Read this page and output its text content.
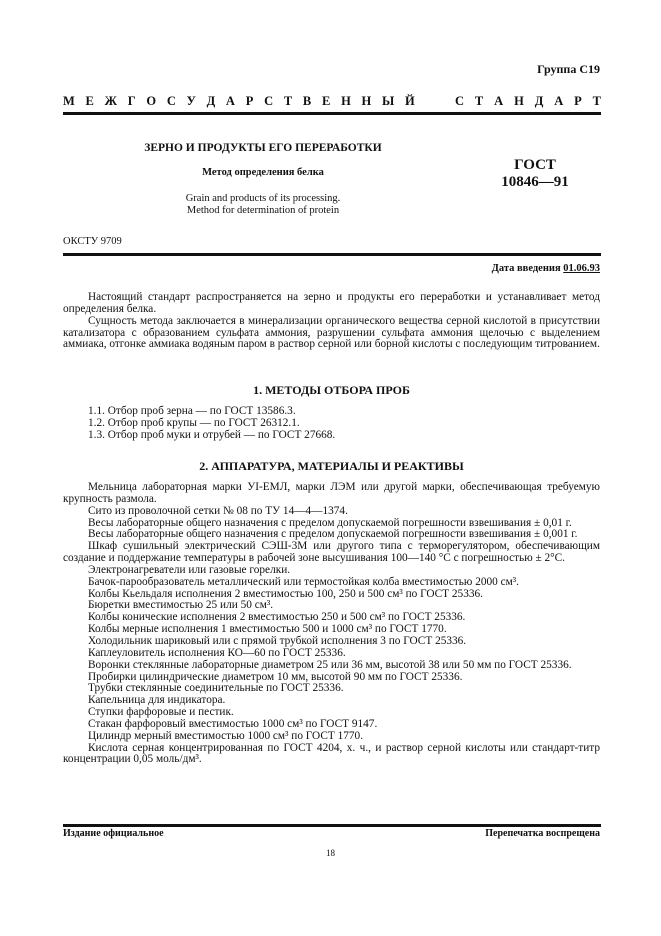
Группа С19
М Е Ж Г О С У Д А Р С Т В Е Н Н Ы Й	С Т А Н Д А Р Т
ЗЕРНО И ПРОДУКТЫ ЕГО ПЕРЕРАБОТКИ
Метод определения белка
Grain and products of its processing.
Method for determination of protein
ГОСТ
10846—91
ОКСТУ 9709
Дата введения 01.06.93

Настоящий стандарт распространяется на зерно и продукты его переработки и устанавливает метод определения белка.

Сущность метода заключается в минерализации органического вещества серной кислотой в присутствии катализатора с образованием сульфата аммония, разрушении сульфата аммония щелочью с выделением аммиака, отгонке аммиака водяным паром в раствор серной или борной кислоты с последующим титрованием.

1. МЕТОДЫ ОТБОРА ПРОБ

1.1. Отбор проб зерна — по ГОСТ 13586.3.

1.2. Отбор проб крупы — по ГОСТ 26312.1.

1.3. Отбор проб муки и отрубей — по ГОСТ 27668.

2. АППАРАТУРА, МАТЕРИАЛЫ И РЕАКТИВЫ

Мельница лабораторная марки УI-ЕМЛ, марки ЛЭМ или другой марки, обеспечивающая требуемую крупность размола.

Сито из проволочной сетки № 08 по ТУ 14—4—1374.

Весы лабораторные общего назначения с пределом допускаемой погрешности взвешивания ± 0,01 г.

Весы лабораторные общего назначения с пределом допускаемой погрешности взвешивания ± 0,001 г.

Шкаф сушильный электрический СЭШ-3М или другого типа с терморегулятором, обеспечивающим создание и поддержание температуры в рабочей зоне высушивания 100—140 °С с погрешностью ± 2°С.

Электронагреватели или газовые горелки.

Бачок-парообразователь металлический или термостойкая колба вместимостью 2000 см³.

Колбы Кьельдаля исполнения 2 вместимостью 100, 250 и 500 см³ по ГОСТ 25336.

Бюретки вместимостью 25 или 50 см³.

Колбы конические исполнения 2 вместимостью 250 и 500 см³ по ГОСТ 25336.

Колбы мерные исполнения 1 вместимостью 500 и 1000 см³ по ГОСТ 1770.

Холодильник шариковый или с прямой трубкой исполнения 3 по ГОСТ 25336.

Каплеуловитель исполнения КО—60 по ГОСТ 25336.

Воронки стеклянные лабораторные диаметром 25 или 36 мм, высотой 38 или 50 мм по ГОСТ 25336.

Пробирки цилиндрические диаметром 10 мм, высотой 90 мм по ГОСТ 25336.

Трубки стеклянные соединительные по ГОСТ 25336.

Капельница для индикатора.

Ступки фарфоровые и пестик.

Стакан фарфоровый вместимостью 1000 см³ по ГОСТ 9147.

Цилиндр мерный вместимостью 1000 см³ по ГОСТ 1770.

Кислота серная концентрированная по ГОСТ 4204, х. ч., и раствор серной кислоты или стандарт-титр концентрации 0,05 моль/дм³.

Издание официальное	Перепечатка воспрещена
18
